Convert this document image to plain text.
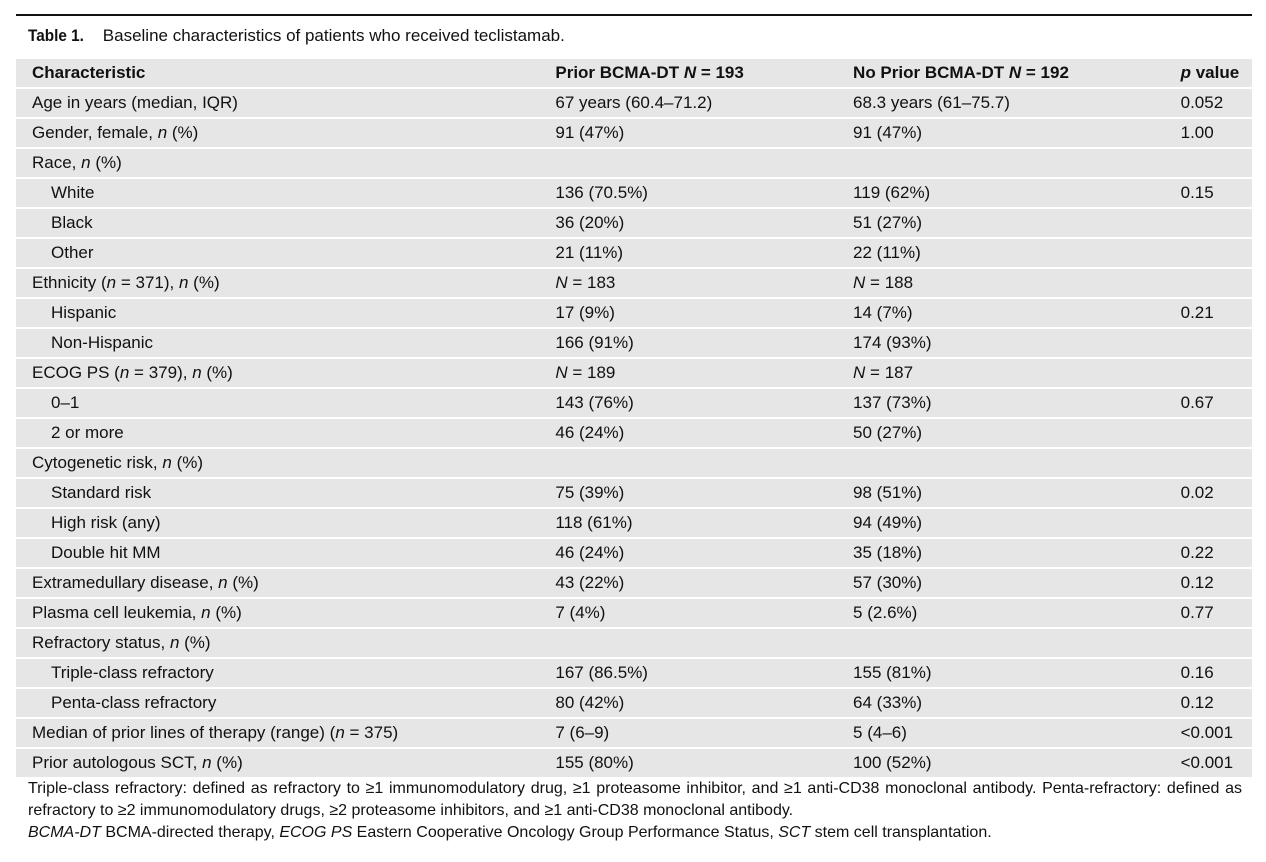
Table 1. Baseline characteristics of patients who received teclistamab.
Characteristic	Prior BCMA-DT N = 193	No Prior BCMA-DT N = 192	p value
Age in years (median, IQR)	67 years (60.4–71.2)	68.3 years (61–75.7)	0.052
Gender, female, n (%)	91 (47%)	91 (47%)	1.00
Race, n (%)			
White	136 (70.5%)	119 (62%)	0.15
Black	36 (20%)	51 (27%)	
Other	21 (11%)	22 (11%)	
Ethnicity (n = 371), n (%)	N = 183	N = 188	
Hispanic	17 (9%)	14 (7%)	0.21
Non-Hispanic	166 (91%)	174 (93%)	
ECOG PS (n = 379), n (%)	N = 189	N = 187	
0–1	143 (76%)	137 (73%)	0.67
2 or more	46 (24%)	50 (27%)	
Cytogenetic risk, n (%)			
Standard risk	75 (39%)	98 (51%)	0.02
High risk (any)	118 (61%)	94 (49%)	
Double hit MM	46 (24%)	35 (18%)	0.22
Extramedullary disease, n (%)	43 (22%)	57 (30%)	0.12
Plasma cell leukemia, n (%)	7 (4%)	5 (2.6%)	0.77
Refractory status, n (%)			
Triple-class refractory	167 (86.5%)	155 (81%)	0.16
Penta-class refractory	80 (42%)	64 (33%)	0.12
Median of prior lines of therapy (range) (n = 375)	7 (6–9)	5 (4–6)	<0.001
Prior autologous SCT, n (%)	155 (80%)	100 (52%)	<0.001

Triple-class refractory: defined as refractory to ≥1 immunomodulatory drug, ≥1 proteasome inhibitor, and ≥1 anti-CD38 monoclonal antibody. Penta-refractory: defined as refractory to ≥2 immunomodulatory drugs, ≥2 proteasome inhibitors, and ≥1 anti-CD38 monoclonal antibody.

BCMA-DT BCMA-directed therapy, ECOG PS Eastern Cooperative Oncology Group Performance Status, SCT stem cell transplantation.
